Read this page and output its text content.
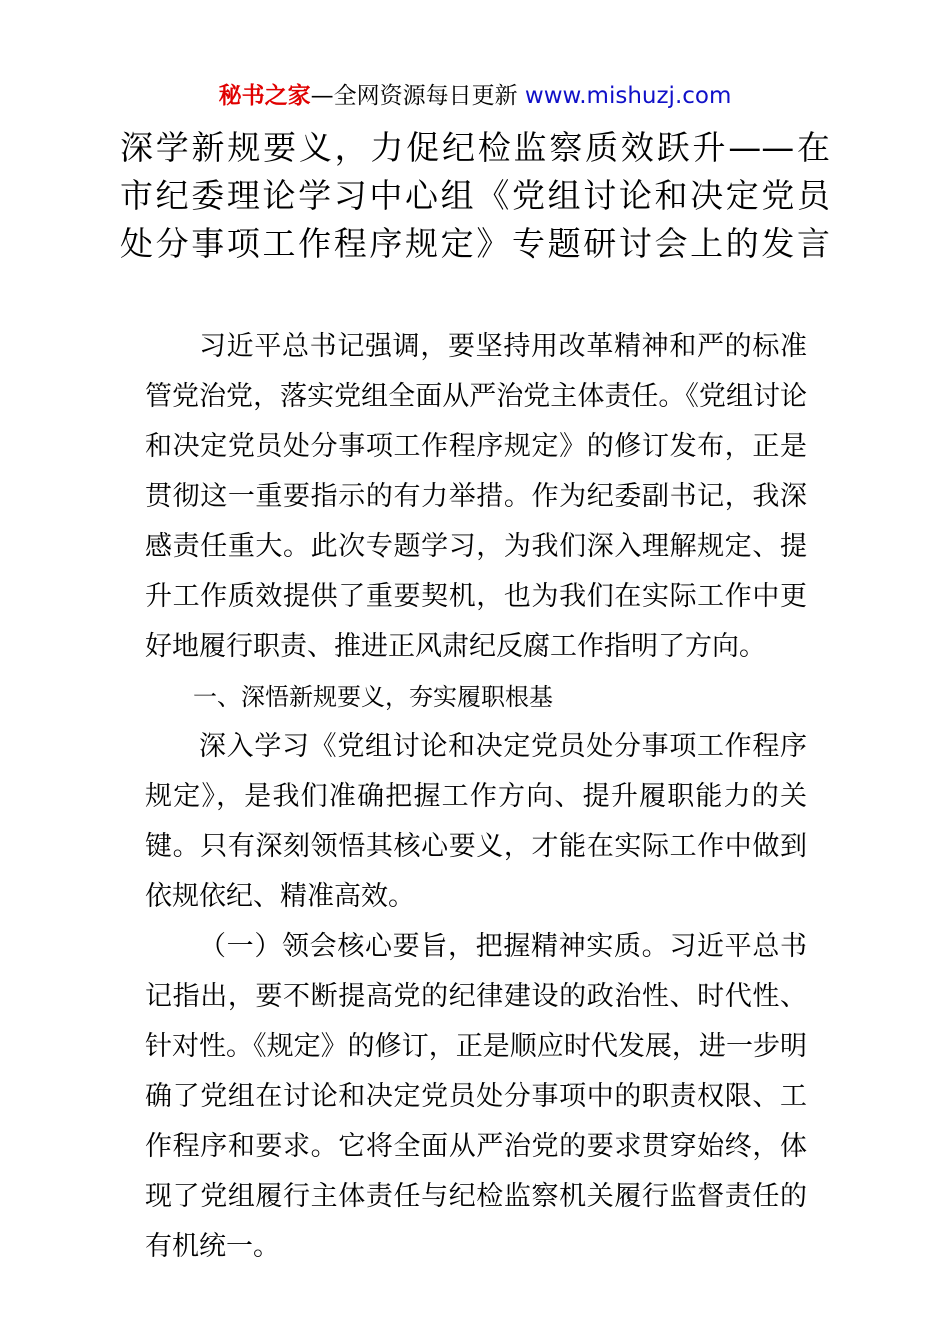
秘书之家—全网资源每日更新 www.mishuzj.com
深学新规要义，力促纪检监察质效跃升——在
市纪委理论学习中心组《党组讨论和决定党员
处分事项工作程序规定》专题研讨会上的发言

习近平总书记强调，要坚持用改革精神和严的标准管党治党，落实党组全面从严治党主体责任。《党组讨论和决定党员处分事项工作程序规定》的修订发布，正是贯彻这一重要指示的有力举措。作为纪委副书记，我深感责任重大。此次专题学习，为我们深入理解规定、提升工作质效提供了重要契机，也为我们在实际工作中更好地履行职责、推进正风肃纪反腐工作指明了方向。

一、深悟新规要义，夯实履职根基

深入学习《党组讨论和决定党员处分事项工作程序规定》，是我们准确把握工作方向、提升履职能力的关键。只有深刻领悟其核心要义，才能在实际工作中做到依规依纪、精准高效。

（一）领会核心要旨，把握精神实质。习近平总书记指出，要不断提高党的纪律建设的政治性、时代性、针对性。《规定》的修订，正是顺应时代发展，进一步明确了党组在讨论和决定党员处分事项中的职责权限、工作程序和要求。它将全面从严治党的要求贯穿始终，体现了党组履行主体责任与纪检监察机关履行监督责任的有机统一。
